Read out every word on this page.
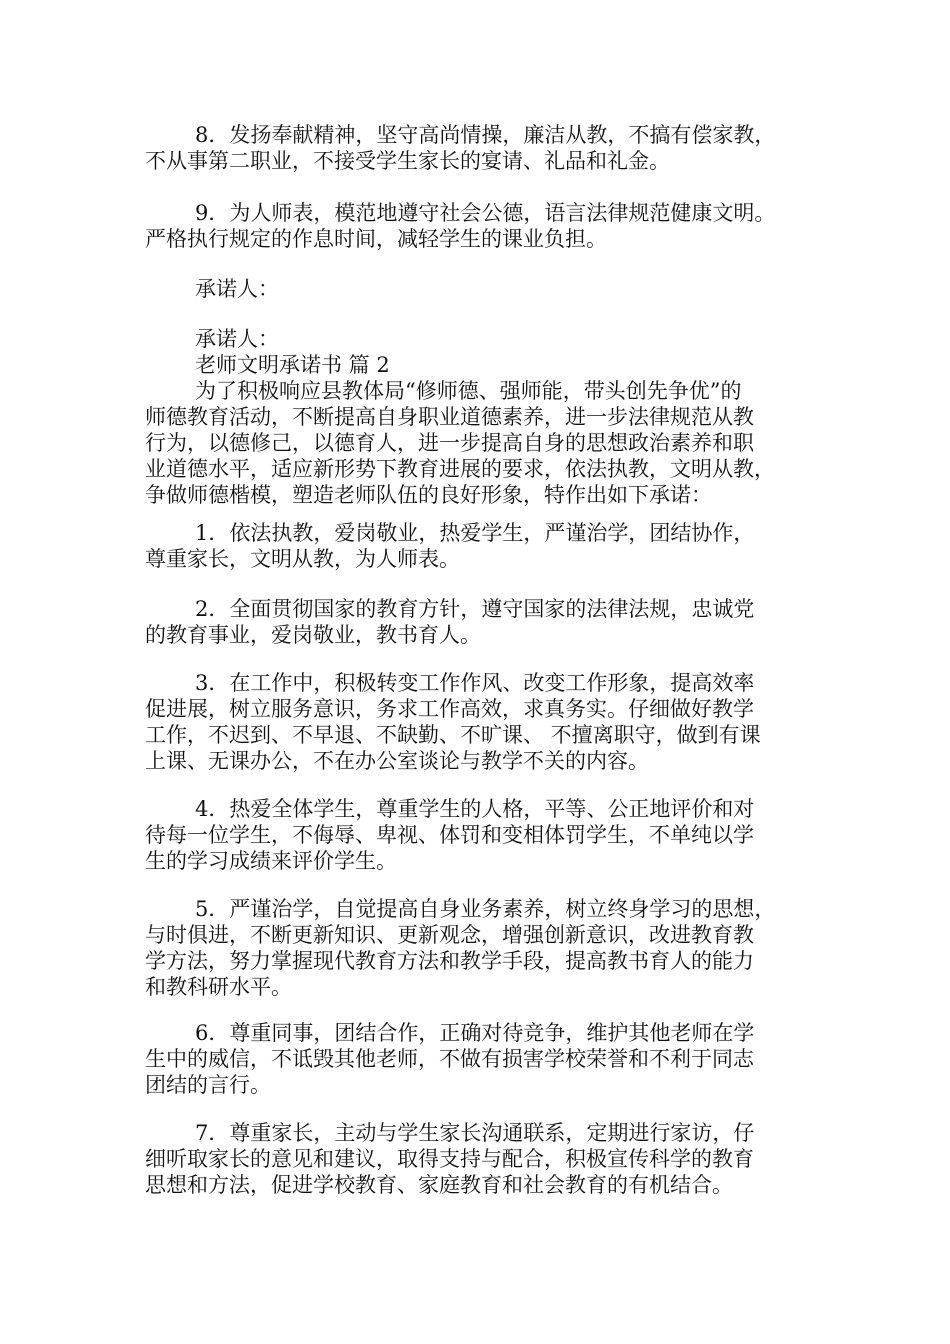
8．发扬奉献精神，坚守高尚情操，廉洁从教，不搞有偿家教，
不从事第二职业，不接受学生家长的宴请、礼品和礼金。
9．为人师表，模范地遵守社会公德，语言法律规范健康文明。
严格执行规定的作息时间，减轻学生的课业负担。
承诺人：
承诺人：
老师文明承诺书 篇 2
为了积极响应县教体局“修师德、强师能，带头创先争优”的
师德教育活动，不断提高自身职业道德素养，进一步法律规范从教
行为，以德修己，以德育人，进一步提高自身的思想政治素养和职
业道德水平，适应新形势下教育进展的要求，依法执教，文明从教，
争做师德楷模，塑造老师队伍的良好形象，特作出如下承诺：
1．依法执教，爱岗敬业，热爱学生，严谨治学，团结协作，
尊重家长，文明从教，为人师表。
2．全面贯彻国家的教育方针，遵守国家的法律法规，忠诚党
的教育事业，爱岗敬业，教书育人。
3．在工作中，积极转变工作作风、改变工作形象，提高效率
促进展，树立服务意识，务求工作高效，求真务实。仔细做好教学
工作，不迟到、不早退、不缺勤、不旷课、 不擅离职守，做到有课
上课、无课办公，不在办公室谈论与教学不关的内容。
4．热爱全体学生，尊重学生的人格，平等、公正地评价和对
待每一位学生，不侮辱、卑视、体罚和变相体罚学生，不单纯以学
生的学习成绩来评价学生。
5．严谨治学，自觉提高自身业务素养，树立终身学习的思想，
与时俱进，不断更新知识、更新观念，增强创新意识，改进教育教
学方法，努力掌握现代教育方法和教学手段，提高教书育人的能力
和教科研水平。
6．尊重同事，团结合作，正确对待竞争，维护其他老师在学
生中的威信，不诋毁其他老师，不做有损害学校荣誉和不利于同志
团结的言行。
7．尊重家长，主动与学生家长沟通联系，定期进行家访，仔
细听取家长的意见和建议，取得支持与配合，积极宣传科学的教育
思想和方法，促进学校教育、家庭教育和社会教育的有机结合。
